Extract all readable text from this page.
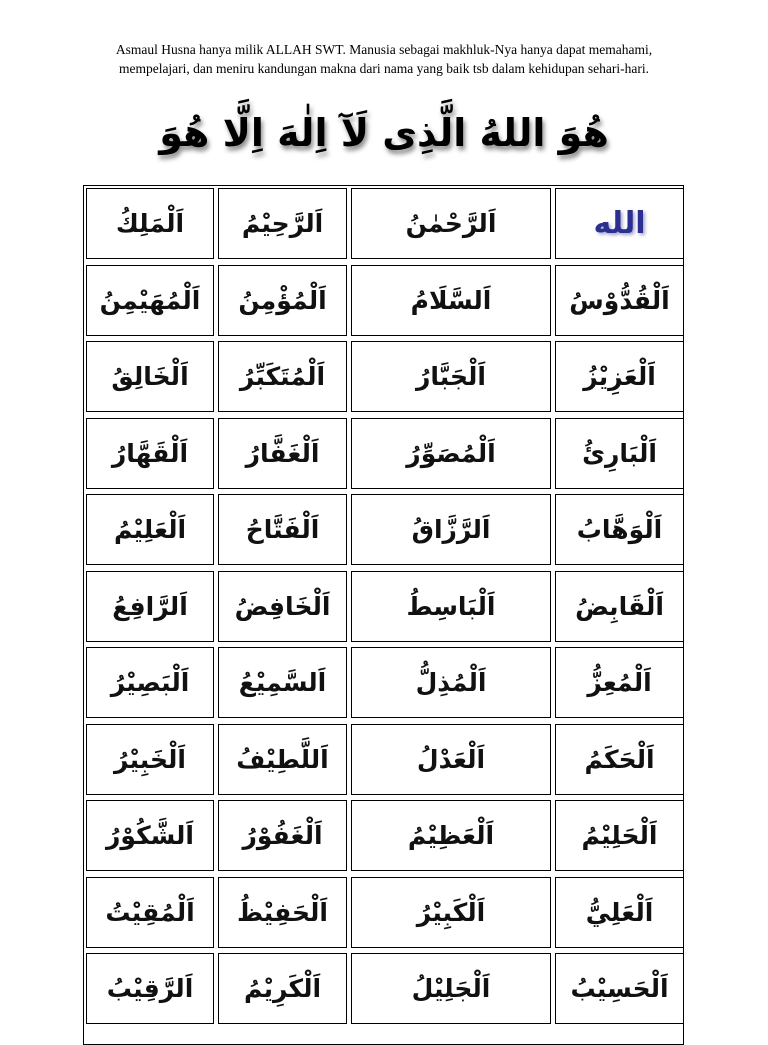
Asmaul Husna hanya milik ALLAH SWT. Manusia sebagai makhluk-Nya hanya dapat memahami,
mempelajari, dan meniru kandungan makna dari nama yang baik tsb dalam kehidupan sehari-hari.
هُوَ اللهُ الَّذِى لَآ اِلٰهَ اِلَّا هُوَ
اَلْمَلِكُ	اَلرَّحِيْمُ	اَلرَّحْمٰنُ	الله
اَلْمُهَيْمِنُ	اَلْمُؤْمِنُ	اَلسَّلَامُ	اَلْقُدُّوْسُ
اَلْخَالِقُ	اَلْمُتَكَبِّرُ	اَلْجَبَّارُ	اَلْعَزِيْزُ
اَلْقَهَّارُ	اَلْغَفَّارُ	اَلْمُصَوِّرُ	اَلْبَارِئُ
اَلْعَلِيْمُ	اَلْفَتَّاحُ	اَلرَّزَّاقُ	اَلْوَهَّابُ
اَلرَّافِعُ	اَلْخَافِضُ	اَلْبَاسِطُ	اَلْقَابِضُ
اَلْبَصِيْرُ	اَلسَّمِيْعُ	اَلْمُذِلُّ	اَلْمُعِزُّ
اَلْخَبِيْرُ	اَللَّطِيْفُ	اَلْعَدْلُ	اَلْحَكَمُ
اَلشَّكُوْرُ	اَلْغَفُوْرُ	اَلْعَظِيْمُ	اَلْحَلِيْمُ
اَلْمُقِيْتُ	اَلْحَفِيْظُ	اَلْكَبِيْرُ	اَلْعَلِيُّ
اَلرَّقِيْبُ	اَلْكَرِيْمُ	اَلْجَلِيْلُ	اَلْحَسِيْبُ
